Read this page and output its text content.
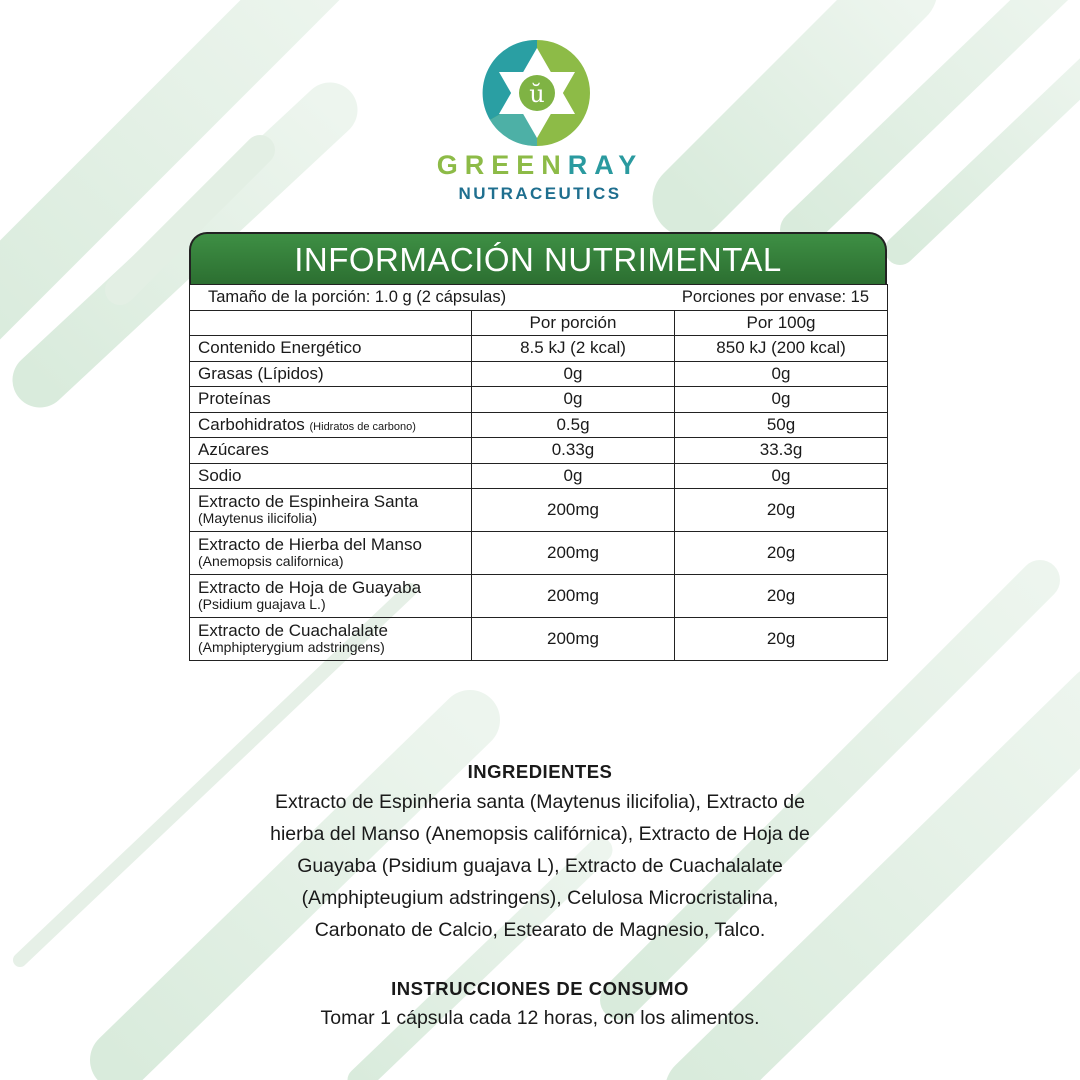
ŭ
GREENRAY
NUTRACEUTICS
INFORMACIÓN NUTRIMENTAL
Tamaño de la porción: 1.0 g (2 cápsulas) Porciones por envase: 15		

	Por porción	Por 100g
Contenido Energético	8.5 kJ (2 kcal)	850 kJ (200 kcal)
Grasas (Lípidos)	0g	0g
Proteínas	0g	0g
Carbohidratos (Hidratos de carbono)	0.5g	50g
Azúcares	0.33g	33.3g
Sodio	0g	0g

Extracto de Espinheira Santa
(Maytenus ilicifolia)	200mg	20g

Extracto de Hierba del Manso
(Anemopsis californica)	200mg	20g

Extracto de Hoja de Guayaba
(Psidium guajava L.)	200mg	20g

Extracto de Cuachalalate
(Amphipterygium adstringens)	200mg	20g
INGREDIENTES
Extracto de Espinheria santa (Maytenus ilicifolia), Extracto de
hierba del Manso (Anemopsis califórnica), Extracto de Hoja de
Guayaba (Psidium guajava L), Extracto de Cuachalalate
(Amphipteugium adstringens), Celulosa Microcristalina,
Carbonato de Calcio, Estearato de Magnesio, Talco.
INSTRUCCIONES DE CONSUMO
Tomar 1 cápsula cada 12 horas, con los alimentos.
